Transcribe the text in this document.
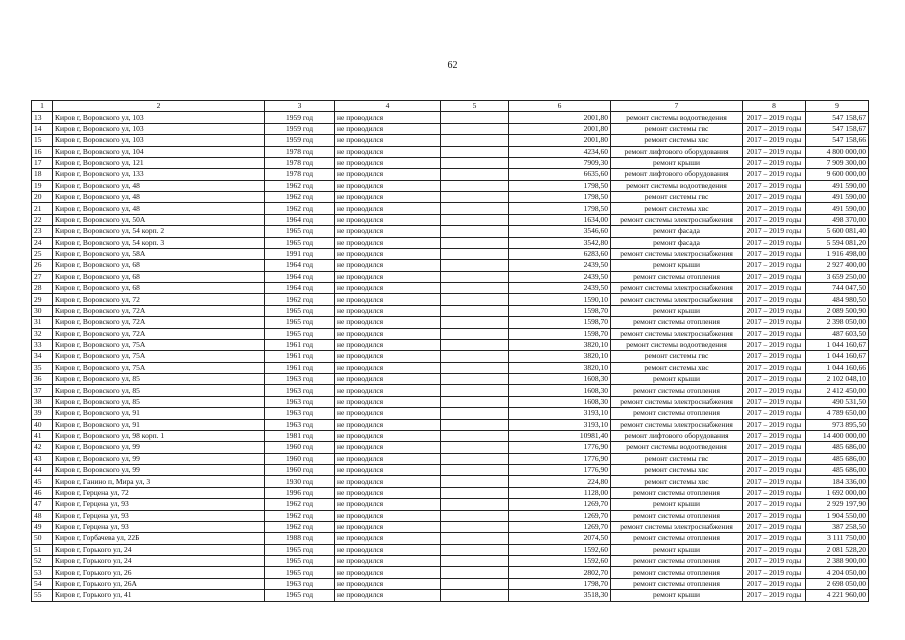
62
1	2	3	4	5	6	7	8	9
13	Киров г, Воровского ул, 103	1959 год	не проводился		2001,80	ремонт системы водоотведения	2017 – 2019 годы	547 158,67
14	Киров г, Воровского ул, 103	1959 год	не проводился		2001,80	ремонт системы гвс	2017 – 2019 годы	547 158,67
15	Киров г, Воровского ул, 103	1959 год	не проводился		2001,80	ремонт системы хвс	2017 – 2019 годы	547 158,66
16	Киров г, Воровского ул, 104	1978 год	не проводился		4234,60	ремонт лифтового оборудования	2017 – 2019 годы	4 800 000,00
17	Киров г, Воровского ул, 121	1978 год	не проводился		7909,30	ремонт крыши	2017 – 2019 годы	7 909 300,00
18	Киров г, Воровского ул, 133	1978 год	не проводился		6635,60	ремонт лифтового оборудования	2017 – 2019 годы	9 600 000,00
19	Киров г, Воровского ул, 48	1962 год	не проводился		1798,50	ремонт системы водоотведения	2017 – 2019 годы	491 590,00
20	Киров г, Воровского ул, 48	1962 год	не проводился		1798,50	ремонт системы гвс	2017 – 2019 годы	491 590,00
21	Киров г, Воровского ул, 48	1962 год	не проводился		1798,50	ремонт системы хвс	2017 – 2019 годы	491 590,00
22	Киров г, Воровского ул, 50А	1964 год	не проводился		1634,00	ремонт системы электроснабжения	2017 – 2019 годы	498 370,00
23	Киров г, Воровского ул, 54 корп. 2	1965 год	не проводился		3546,60	ремонт фасада	2017 – 2019 годы	5 600 081,40
24	Киров г, Воровского ул, 54 корп. 3	1965 год	не проводился		3542,80	ремонт фасада	2017 – 2019 годы	5 594 081,20
25	Киров г, Воровского ул, 58А	1991 год	не проводился		6283,60	ремонт системы электроснабжения	2017 – 2019 годы	1 916 498,00
26	Киров г, Воровского ул, 68	1964 год	не проводился		2439,50	ремонт крыши	2017 – 2019 годы	2 927 400,00
27	Киров г, Воровского ул, 68	1964 год	не проводился		2439,50	ремонт системы отопления	2017 – 2019 годы	3 659 250,00
28	Киров г, Воровского ул, 68	1964 год	не проводился		2439,50	ремонт системы электроснабжения	2017 – 2019 годы	744 047,50
29	Киров г, Воровского ул, 72	1962 год	не проводился		1590,10	ремонт системы электроснабжения	2017 – 2019 годы	484 980,50
30	Киров г, Воровского ул, 72А	1965 год	не проводился		1598,70	ремонт крыши	2017 – 2019 годы	2 089 500,90
31	Киров г, Воровского ул, 72А	1965 год	не проводился		1598,70	ремонт системы отопления	2017 – 2019 годы	2 398 050,00
32	Киров г, Воровского ул, 72А	1965 год	не проводился		1598,70	ремонт системы электроснабжения	2017 – 2019 годы	487 603,50
33	Киров г, Воровского ул, 75А	1961 год	не проводился		3820,10	ремонт системы водоотведения	2017 – 2019 годы	1 044 160,67
34	Киров г, Воровского ул, 75А	1961 год	не проводился		3820,10	ремонт системы гвс	2017 – 2019 годы	1 044 160,67
35	Киров г, Воровского ул, 75А	1961 год	не проводился		3820,10	ремонт системы хвс	2017 – 2019 годы	1 044 160,66
36	Киров г, Воровского ул, 85	1963 год	не проводился		1608,30	ремонт крыши	2017 – 2019 годы	2 102 048,10
37	Киров г, Воровского ул, 85	1963 год	не проводился		1608,30	ремонт системы отопления	2017 – 2019 годы	2 412 450,00
38	Киров г, Воровского ул, 85	1963 год	не проводился		1608,30	ремонт системы электроснабжения	2017 – 2019 годы	490 531,50
39	Киров г, Воровского ул, 91	1963 год	не проводился		3193,10	ремонт системы отопления	2017 – 2019 годы	4 789 650,00
40	Киров г, Воровского ул, 91	1963 год	не проводился		3193,10	ремонт системы электроснабжения	2017 – 2019 годы	973 895,50
41	Киров г, Воровского ул, 98 корп. 1	1981 год	не проводился		10981,40	ремонт лифтового оборудования	2017 – 2019 годы	14 400 000,00
42	Киров г, Воровского ул, 99	1960 год	не проводился		1776,90	ремонт системы водоотведения	2017 – 2019 годы	485 686,00
43	Киров г, Воровского ул, 99	1960 год	не проводился		1776,90	ремонт системы гвс	2017 – 2019 годы	485 686,00
44	Киров г, Воровского ул, 99	1960 год	не проводился		1776,90	ремонт системы хвс	2017 – 2019 годы	485 686,00
45	Киров г, Ганино п, Мира ул, 3	1930 год	не проводился		224,80	ремонт системы хвс	2017 – 2019 годы	184 336,00
46	Киров г, Герцена ул, 72	1996 год	не проводился		1128,00	ремонт системы отопления	2017 – 2019 годы	1 692 000,00
47	Киров г, Герцена ул, 93	1962 год	не проводился		1269,70	ремонт крыши	2017 – 2019 годы	2 929 197,90
48	Киров г, Герцена ул, 93	1962 год	не проводился		1269,70	ремонт системы отопления	2017 – 2019 годы	1 904 550,00
49	Киров г, Герцена ул, 93	1962 год	не проводился		1269,70	ремонт системы электроснабжения	2017 – 2019 годы	387 258,50
50	Киров г, Горбачева ул, 22Б	1988 год	не проводился		2074,50	ремонт системы отопления	2017 – 2019 годы	3 111 750,00
51	Киров г, Горького ул, 24	1965 год	не проводился		1592,60	ремонт крыши	2017 – 2019 годы	2 081 528,20
52	Киров г, Горького ул, 24	1965 год	не проводился		1592,60	ремонт системы отопления	2017 – 2019 годы	2 388 900,00
53	Киров г, Горького ул, 26	1965 год	не проводился		2802,70	ремонт системы отопления	2017 – 2019 годы	4 204 050,00
54	Киров г, Горького ул, 26А	1963 год	не проводился		1798,70	ремонт системы отопления	2017 – 2019 годы	2 698 050,00
55	Киров г, Горького ул, 41	1965 год	не проводился		3518,30	ремонт крыши	2017 – 2019 годы	4 221 960,00
